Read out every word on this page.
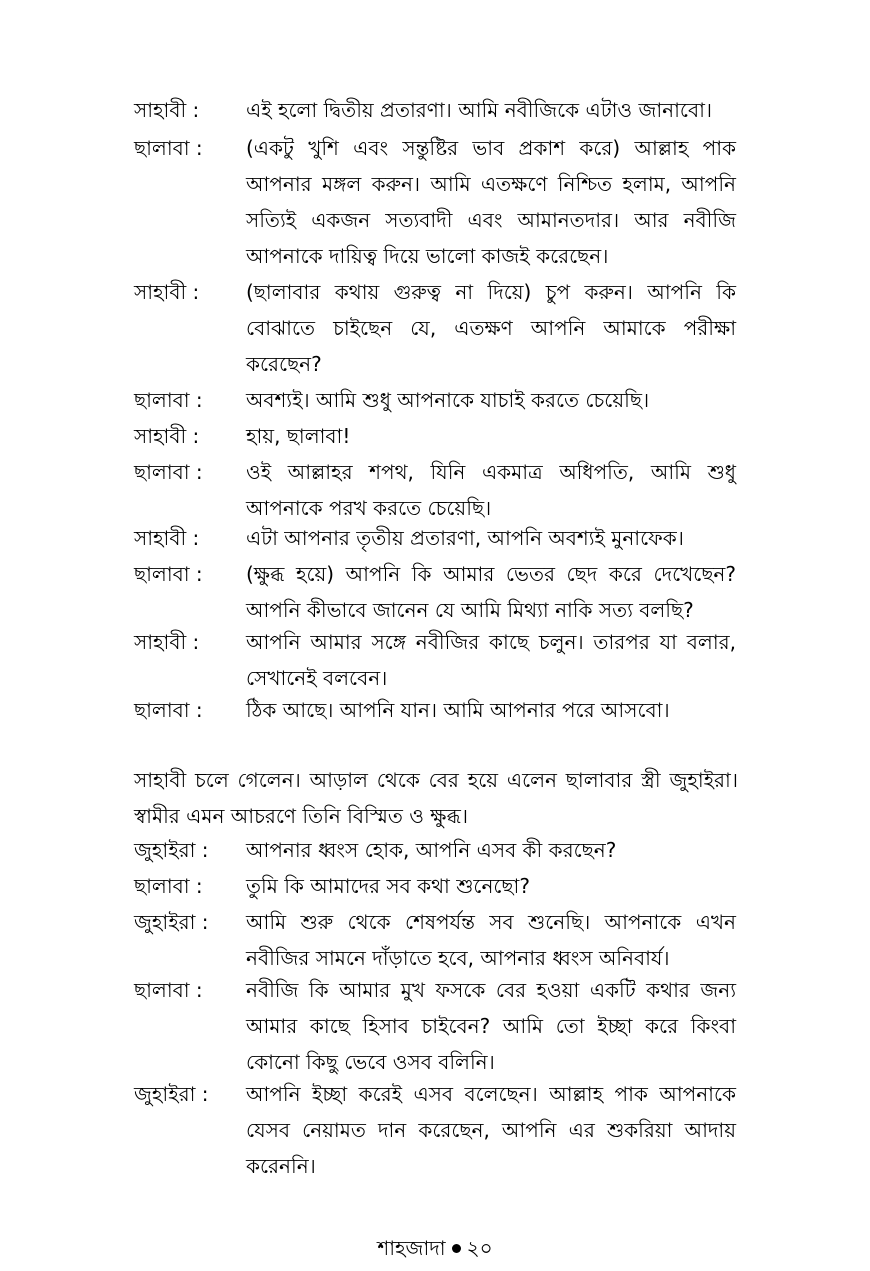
সাহাবী :	এই হলো দ্বিতীয় প্রতারণা। আমি নবীজিকে এটাও জানাবো।
ছালাবা :	(একটু খুশি এবং সন্তুষ্টির ভাব প্রকাশ করে) আল্লাহ পাক আপনার মঙ্গল করুন। আমি এতক্ষণে নিশ্চিত হলাম, আপনি সত্যিই একজন সত্যবাদী এবং আমানতদার। আর নবীজি আপনাকে দায়িত্ব দিয়ে ভালো কাজই করেছেন।
সাহাবী :	(ছালাবার কথায় গুরুত্ব না দিয়ে) চুপ করুন। আপনি কি বোঝাতে চাইছেন যে, এতক্ষণ আপনি আমাকে পরীক্ষা করেছেন?
ছালাবা :	অবশ্যই। আমি শুধু আপনাকে যাচাই করতে চেয়েছি।
সাহাবী :	হায়, ছালাবা!
ছালাবা :	ওই আল্লাহর শপথ, যিনি একমাত্র অধিপতি, আমি শুধু আপনাকে পরখ করতে চেয়েছি।
সাহাবী :	এটা আপনার তৃতীয় প্রতারণা, আপনি অবশ্যই মুনাফেক।
ছালাবা :	(ক্ষুব্ধ হয়ে) আপনি কি আমার ভেতর ছেদ করে দেখেছেন? আপনি কীভাবে জানেন যে আমি মিথ্যা নাকি সত্য বলছি?
সাহাবী :	আপনি আমার সঙ্গে নবীজির কাছে চলুন। তারপর যা বলার, সেখানেই বলবেন।
ছালাবা :	ঠিক আছে। আপনি যান। আমি আপনার পরে আসবো।
সাহাবী চলে গেলেন। আড়াল থেকে বের হয়ে এলেন ছালাবার স্ত্রী জুহাইরা। স্বামীর এমন আচরণে তিনি বিস্মিত ও ক্ষুব্ধ।
জুহাইরা :	আপনার ধ্বংস হোক, আপনি এসব কী করছেন?
ছালাবা :	তুমি কি আমাদের সব কথা শুনেছো?
জুহাইরা :	আমি শুরু থেকে শেষপর্যন্ত সব শুনেছি। আপনাকে এখন নবীজির সামনে দাঁড়াতে হবে, আপনার ধ্বংস অনিবার্য।
ছালাবা :	নবীজি কি আমার মুখ ফসকে বের হওয়া একটি কথার জন্য আমার কাছে হিসাব চাইবেন? আমি তো ইচ্ছা করে কিংবা কোনো কিছু ভেবে ওসব বলিনি।
জুহাইরা :	আপনি ইচ্ছা করেই এসব বলেছেন। আল্লাহ পাক আপনাকে যেসব নেয়ামত দান করেছেন, আপনি এর শুকরিয়া আদায় করেননি।
শাহজাদা ২০
